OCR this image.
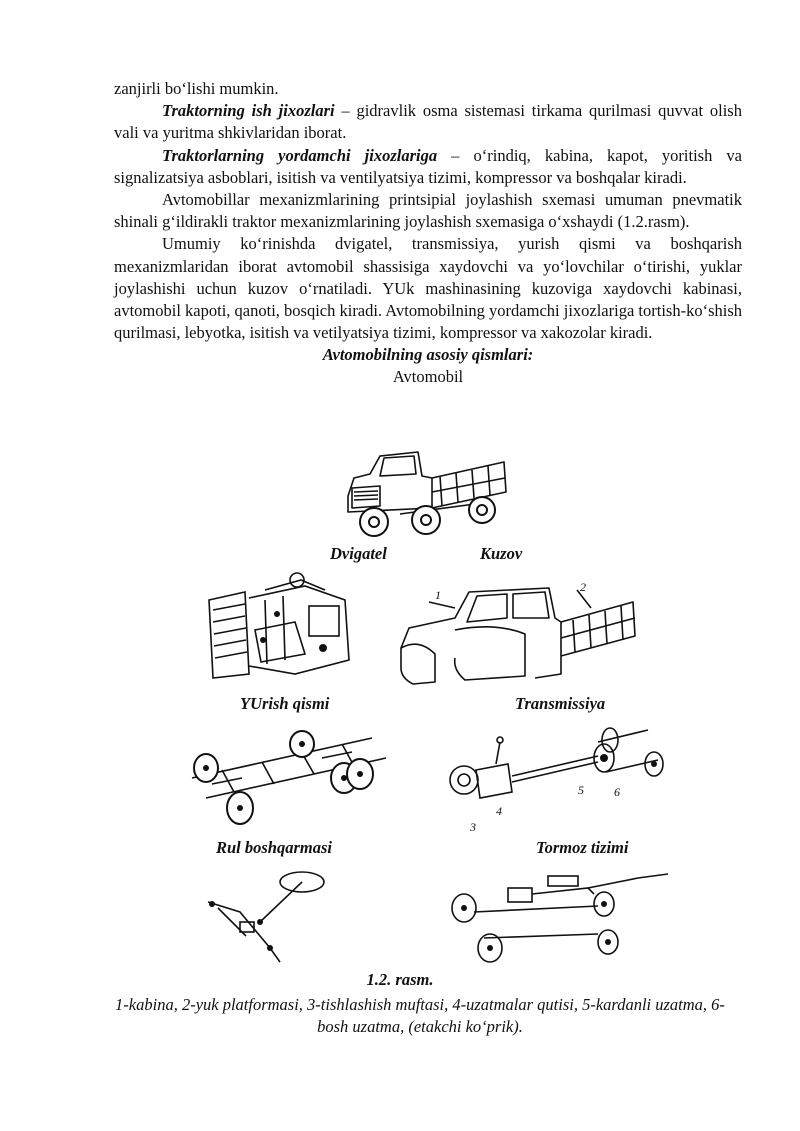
zanjirli bo‘lishi mumkin.

Traktorning ish jixozlari – gidravlik osma sistemasi tirkama qurilmasi quvvat olish vali va yuritma shkivlaridan iborat.

Traktorlarning yordamchi jixozlariga – o‘rindiq, kabina, kapot, yoritish va signalizatsiya asboblari, isitish va ventilyatsiya tizimi, kompressor va boshqalar kiradi.

Avtomobillar mexanizmlarining printsipial joylashish sxemasi umuman pnevmatik shinali g‘ildirakli traktor mexanizmlarining joylashish sxemasiga o‘xshaydi (1.2.rasm).

Umumiy ko‘rinishda dvigatel, transmissiya, yurish qismi va boshqarish mexanizmlaridan iborat avtomobil shassisiga xaydovchi va yo‘lovchilar o‘tirishi, yuklar joylashishi uchun kuzov o‘rnatiladi. YUk mashinasining kuzoviga xaydovchi kabinasi, avtomobil kapoti, qanoti, bosqich kiradi. Avtomobilning yordamchi jixozlariga tortish-ko‘shish qurilmasi, lebyotka, isitish va vetilyatsiya tizimi, kompressor va xakozolar kiradi.

Avtomobilning asosiy qismlari:

Avtomobil

Dvigatel	Kuzov
1
2
YUrish qismi	Transmissiya
3
4
5	6
Rul boshqarmasi	Tormoz tizimi
1.2. rasm.
1-kabina, 2-yuk platformasi, 3-tishlashish muftasi, 4-uzatmalar qutisi, 5-kardanli uzatma, 6-bosh uzatma, (etakchi ko‘prik).
